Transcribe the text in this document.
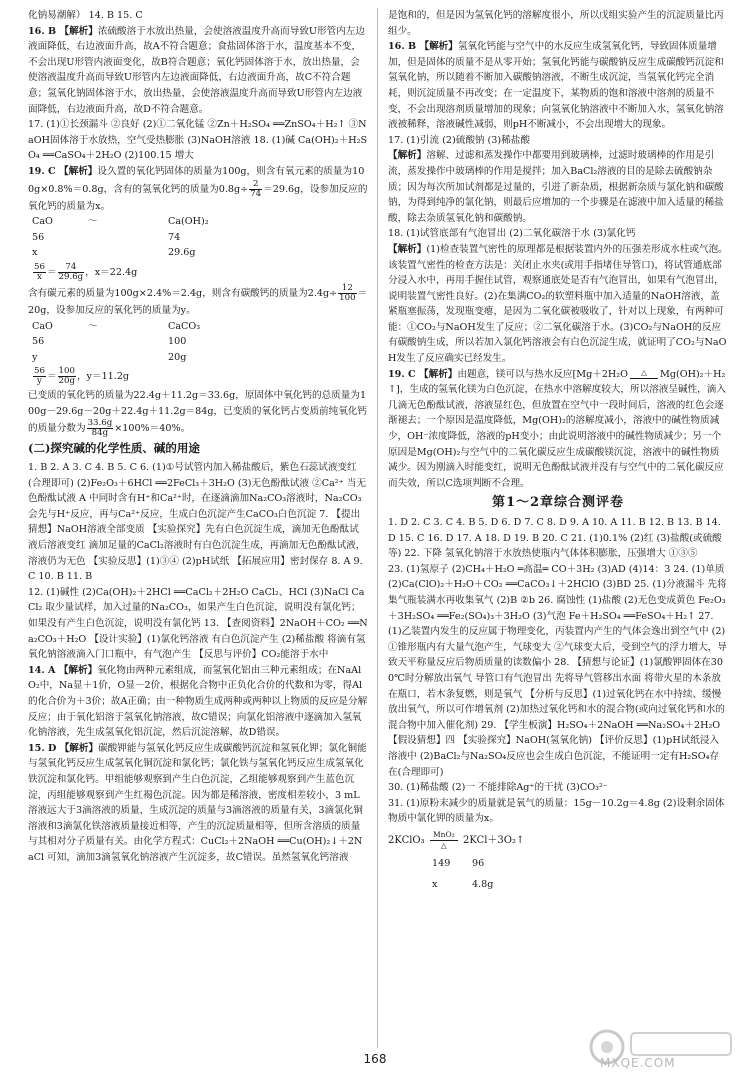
化钠易潮解） 14. B 15. C

16. B 【解析】浓硫酸溶于水放出热量，会使溶液温度升高而导致U形管内左边液面降低，右边液面升高，故A不符合题意；食盐固体溶于水，温度基本不变，不会出现U形管内液面变化，故B符合题意；氧化钙固体溶于水，放出热量，会使溶液温度升高而导致U形管内左边液面降低，右边液面升高，故C不符合题意；氢氧化钠固体溶于水，放出热量，会使溶液温度升高而导致U形管内左边液面降低，右边液面升高，故D不符合题意。

17. (1)①长颈漏斗 ②良好 (2)①二氧化锰 ②Zn＋H₂SO₄ ══ZnSO₄＋H₂↑ ③NaOH固体溶于水放热，空气受热膨胀 (3)NaOH溶液 18. (1)碱 Ca(OH)₂＋H₂SO₄ ══CaSO₄＋2H₂O (2)100.15 增大

19. C 【解析】设久置的氧化钙固体的质量为100g，则含有氧元素的质量为100g×0.8%＝0.8g，含有的氢氧化钙的质量为$0.8g\div \frac{2}{74} =29.6g$，设参加反应的氧化钙的质量为x。

CaO	～	Ca(OH)₂
56	74
x	29.6g
$\frac{56}{x} = \frac{74}{29.6g}$ ，x＝22.4g

含有碳元素的质量为100g×2.4%＝2.4g，则含有碳酸钙的质量为$2.4g\div \frac{12}{100} =20g$，设参加反应的氧化钙的质量为y。

CaO	～	CaCO₃
56	100
y	20g
$\frac{56}{y} = \frac{100}{20g}$ ，y＝11.2g

已变质的氧化钙的质量为22.4g＋11.2g＝33.6g，原固体中氧化钙的总质量为100g－29.6g－20g＋22.4g＋11.2g＝84g，已变质的氧化钙占变质前纯氧化钙的质量分数为 $\frac{33.6g}{84g} \times 100\%=40\%$。

(二)探究碱的化学性质、碱的用途

1. B 2. A 3. C 4. B 5. C 6. (1)①号试管内加入稀盐酸后，紫色石蕊试液变红(合理即可) (2)Fe₂O₃＋6HCl ══2FeCl₃＋3H₂O (3)无色酚酞试液 ②Ca²⁺ 当无色酚酞试液 A 中同时含有H⁺和Ca²⁺时，在逐滴滴加Na₂CO₃溶液时，Na₂CO₃会先与H⁺反应，再与Ca²⁺反应，生成白色沉淀产生CaCO₃白色沉淀 7. 【提出猜想】NaOH溶液全部变质 【实验探究】先有白色沉淀生成，滴加无色酚酞试液后溶液变红 滴加足量的CaCl₂溶液时有白色沉淀生成，再滴加无色酚酞试液，溶液仍为无色 【实验反思】(1)③④ (2)pH试纸 【拓展应用】密封保存 8. A 9. C 10. B 11. B

12. (1)碱性 (2)Ca(OH)₂＋2HCl ══CaCl₂＋2H₂O CaCl₂、HCl (3)NaCl CaCl₂ 取少量试样，加入过量的Na₂CO₃，如果产生白色沉淀，说明没有氯化钙；如果没有产生白色沉淀，说明没有氯化钙 13. 【查阅资料】2NaOH＋CO₂ ══Na₂CO₃＋H₂O 【设计实验】(1)氯化钙溶液 有白色沉淀产生 (2)稀盐酸 将滴有氢氧化钠溶液滴入门口瓶中，有气泡产生 【反思与评价】CO₂能溶于水中

14. A 【解析】氧化物由两种元素组成，而氢氧化铝由三种元素组成；在NaAlO₂中，Na显＋1价，O显－2价，根据化合物中正负化合价的代数和为零，得Al的化合价为＋3价；故A正确；由一种物质生成两种或两种以上物质的反应是分解反应；由于氧化铝溶于氢氧化钠溶液，故C错误；向氯化铝溶液中逐滴加入氢氧化钠溶液，先生成氢氧化铝沉淀，然后沉淀溶解，故D错误。

15. D 【解析】碳酸钾能与氢氧化钙反应生成碳酸钙沉淀和氢氧化钾；氯化铜能与氢氧化钙反应生成氢氧化铜沉淀和氯化钙；氯化铁与氢氧化钙反应生成氢氧化铁沉淀和氯化钙。甲组能够观察到产生白色沉淀，乙组能够观察到产生蓝色沉淀，丙组能够观察到产生红褐色沉淀。因为都是稀溶液，密度相差较小，3 mL溶液远大于3滴溶液的质量，生成沉淀的质量与3滴溶液的质量有关，3滴氯化铜溶液和3滴氯化铁溶液质量接近相等，产生的沉淀质量相等，但所含溶质的质量与其相对分子质量有关。由化学方程式：CuCl₂＋2NaOH ══Cu(OH)₂↓＋2NaCl 可知，滴加3滴氢氧化钠溶液产生沉淀多，故C错误。虽然氢氧化钙溶液

是饱和的，但是因为氢氧化钙的溶解度很小，所以戊组实验产生的沉淀质量比丙组少。

16. B 【解析】氢氧化钙能与空气中的水反应生成氢氧化钙，导致固体质量增加，但是固体的质量不是从零开始；氢氧化钙能与碳酸钠反应生成碳酸钙沉淀和氢氧化钠，所以随着不断加入碳酸钠溶液，不断生成沉淀，当氢氧化钙完全消耗，则沉淀质量不再改变；在一定温度下，某物质的饱和溶液中溶剂的质量不变，不会出现溶剂质量增加的现象；向氢氧化钠溶液中不断加入水，氢氧化钠溶液被稀释，溶液碱性减弱，则pH不断减小，不会出现增大的现象。

17. (1)引流 (2)硫酸钠 (3)稀盐酸

【解析】溶解、过滤和蒸发操作中都要用到玻璃棒，过滤时玻璃棒的作用是引流，蒸发操作中玻璃棒的作用是搅拌；加入BaCl₂溶液的目的是除去硫酸钠杂质；因为每次所加试剂都是过量的，引进了新杂质，根据新杂质与氯化钠和碳酸钠，为得到纯净的氯化钠，则最后应增加的一个步骤是在滤液中加入适量的稀盐酸，除去杂质氢氧化钠和碳酸钠。

18. (1)试管底部有气泡冒出 (2)二氧化碳溶于水 (3)氯化钙

【解析】(1)检查装置气密性的原理都是根据装置内外的压强差形成水柱或气泡。该装置气密性的检查方法是：关闭止水夹(或用手指堵住导管口)，将试管通底部分浸入水中，再用手握住试管，观察通底处是否有气泡冒出，如果有气泡冒出，说明装置气密性良好。(2)在集满CO₂的软塑料瓶中加入适量的NaOH溶液，盖紧瓶塞振荡，发现瓶变瘪，是因为二氧化碳被吸收了，针对以上现象，有两种可能：①CO₂与NaOH发生了反应；②二氧化碳溶于水。(3)CO₂与NaOH的反应有碳酸钠生成，所以若加入氯化钙溶液会有白色沉淀生成，就证明了CO₂与NaOH发生了反应确实已经发生。

19. C 【解析】由题意，镁可以与热水反应[Mg＋2H₂O	△	Mg(OH)₂＋H₂↑]，生成的氢氧化镁为白色沉淀，在热水中溶解度较大，所以溶液呈碱性，滴入几滴无色酚酞试液，溶液显红色，但放置在空气中一段时间后，溶液的红色会逐渐褪去；一个原因是温度降低，Mg(OH)₂的溶解度减小，溶液中的碱性物质减少，OH⁻浓度降低，溶液的pH变小；由此说明溶液中的碱性物质减少；另一个原因是Mg(OH)₂与空气中的二氧化碳反应生成碳酸镁沉淀，溶液中的碱性物质减少。因为刚滴入时能变红，说明无色酚酞试液并没有与空气中的二氧化碳反应而失效，所以C选项判断不合理。

第1～2章综合测评卷

1. D 2. C 3. C 4. B 5. D 6. D 7. C 8. D 9. A 10. A 11. B 12. B 13. B 14. D 15. C 16. D 17. A 18. D 19. B 20. C 21. (1)0.1% (2)红 (3)盐酸(或硫酸等) 22. 下降 氢氧化钠溶于水放热使瓶内气体体积膨胀，压强增大 ①③⑤

23. (1)氢原子 (2)CH₄＋H₂O ═高温═ CO＋3H₂ (3)AD (4)14：3 24. (1)单质 (2)Ca(ClO)₂＋H₂O＋CO₂ ══CaCO₃↓＋2HClO (3)BD 25. (1)分液漏斗 先将集气瓶装满水再收集氧气 (2)B ②b 26. 腐蚀性 (1)盐酸 (2)无色变成黄色 Fe₂O₃＋3H₂SO₄ ══Fe₂(SO₄)₃＋3H₂O (3)气泡 Fe＋H₂SO₄ ══FeSO₄＋H₂↑ 27. (1)乙装置内发生的反应属于物理变化，丙装置内产生的气体会逸出到空气中 (2)①锥形瓶内有大量气泡产生，气球变大 ②气球变大后，受到空气的浮力增大，导致天平称量反应后物质质量的读数偏小 28. 【猜想与论证】(1)氯酸钾固体在300℃时分解放出氧气 导管口有气泡冒出 先将导气管移出水面 将带火星的木条放在瓶口，若木条复燃，则是氧气 【分析与反思】(1)过氧化钙在水中持续、缓慢放出氧气，所以可作增氧剂 (2)加热过氧化钙和水的混合物(或向过氧化钙和水的混合物中加入催化剂) 29. 【学生板演】H₂SO₄＋2NaOH ══Na₂SO₄＋2H₂O 【假设猜想】四 【实验探究】NaOH(氢氧化钠) 【评价反思】(1)pH试纸浸入溶液中 (2)BaCl₂与Na₂SO₄反应也会生成白色沉淀，不能证明一定有H₂SO₄存在(合理即可)

30. (1)稀盐酸 (2)一 不能排除Ag⁺的干扰 (3)CO₃²⁻

31. (1)原粉末减少的质量就是氧气的质量：15g－10.2g＝4.8g (2)设剩余固体物质中氯化钾的质量为x。

2KClO₃
MnO₂
△	2KCl＋3O₂↑
149 96
x	4.8g
168	MXQE.COM
